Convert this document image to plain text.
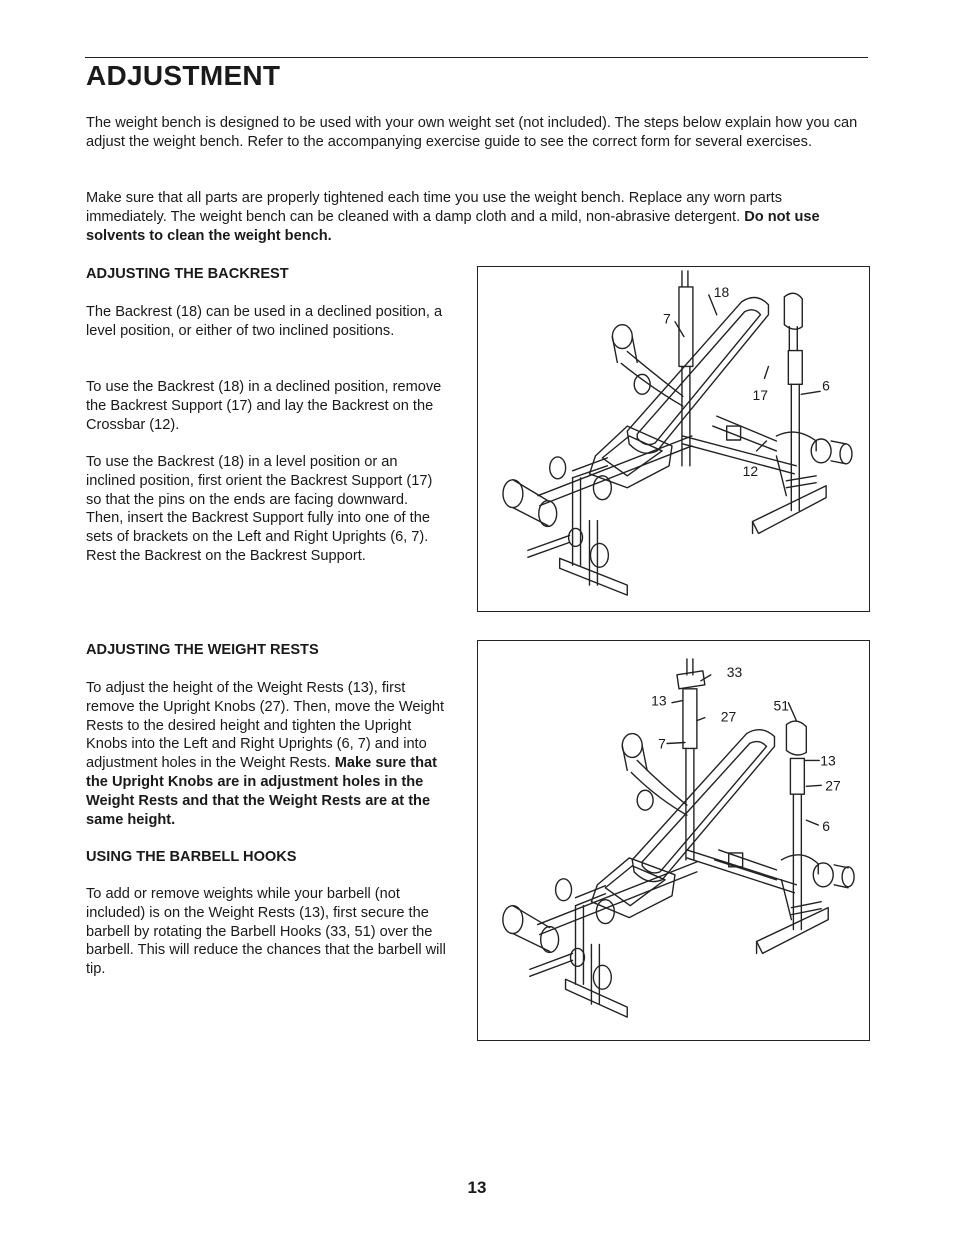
ADJUSTMENT

The weight bench is designed to be used with your own weight set (not included). The steps below explain how you can adjust the weight bench. Refer to the accompanying exercise guide to see the correct form for several exercises.

Make sure that all parts are properly tightened each time you use the weight bench. Replace any worn parts immediately. The weight bench can be cleaned with a damp cloth and a mild, non-abrasive detergent. Do not use solvents to clean the weight bench.

ADJUSTING THE BACKREST

The Backrest (18) can be used in a declined position, a level position, or either of two inclined positions.

To use the Backrest (18) in a declined position, remove the Backrest Support (17) and lay the Backrest on the Crossbar (12).

To use the Backrest (18) in a level position or an inclined position, first orient the Backrest Support (17) so that the pins on the ends are facing downward. Then, insert the Backrest Support fully into one of the sets of brackets on the Left and Right Uprights (6, 7). Rest the Backrest on the Backrest Support.

ADJUSTING THE WEIGHT RESTS

To adjust the height of the Weight Rests (13), first remove the Upright Knobs (27). Then, move the Weight Rests to the desired height and tighten the Upright Knobs into the Left and Right Uprights (6, 7) and into adjustment holes in the Weight Rests. Make sure that the Upright Knobs are in adjustment holes in the Weight Rests and that the Weight Rests are at the same height.

USING THE BARBELL HOOKS

To add or remove weights while your barbell (not included) is on the Weight Rests (13), first secure the barbell by rotating the Barbell Hooks (33, 51) over the barbell. This will reduce the chances that the barbell will tip.

18
7
17
6
12
33
13
27
51
7
13
27
6

13
